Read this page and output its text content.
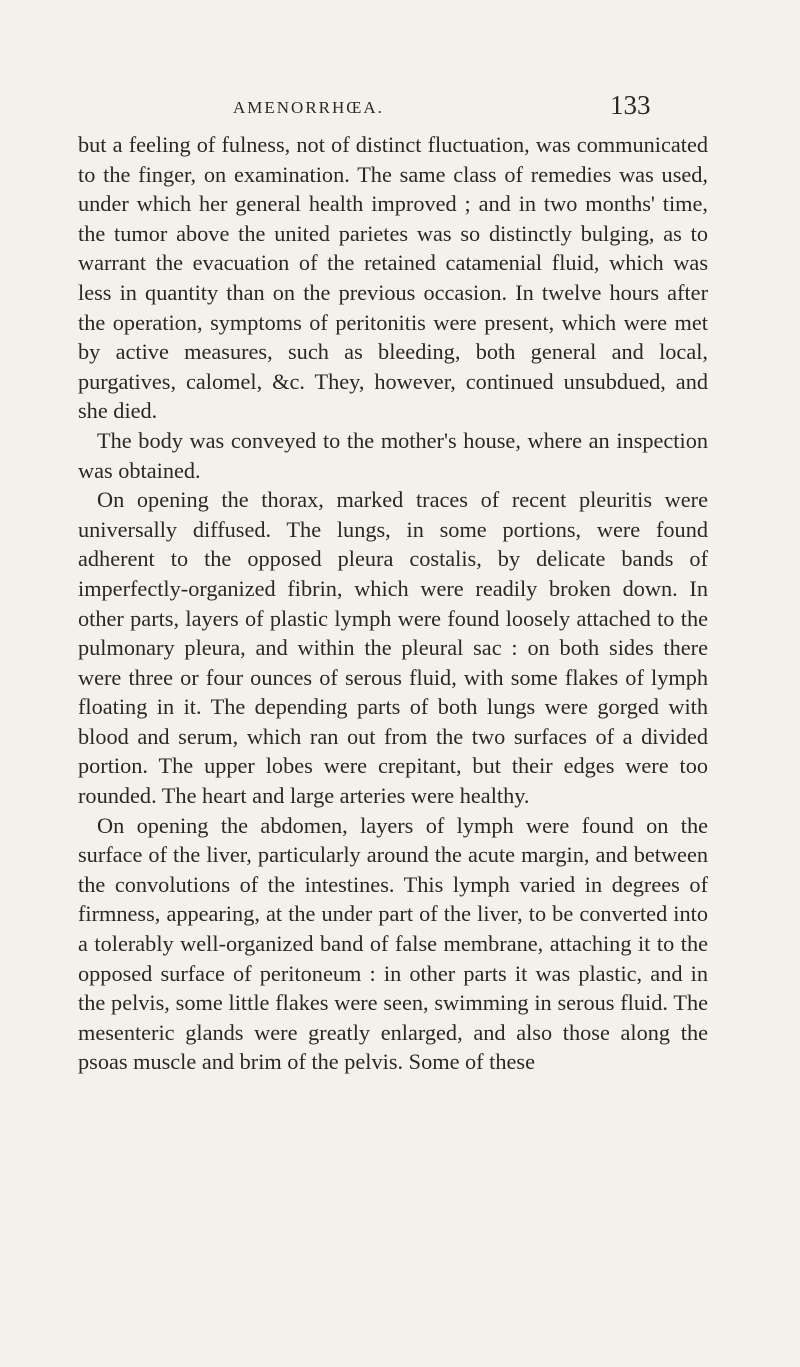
AMENORRHŒA.	133

but a feeling of fulness, not of distinct fluctuation, was communicated to the finger, on examination. The same class of remedies was used, under which her general health improved ; and in two months' time, the tumor above the united parietes was so distinctly bulging, as to warrant the evacuation of the retained catamenial fluid, which was less in quantity than on the previous occasion. In twelve hours after the operation, symptoms of peritonitis were present, which were met by active measures, such as bleeding, both general and local, purgatives, calomel, &c. They, however, continued unsubdued, and she died.

The body was conveyed to the mother's house, where an inspection was obtained.

On opening the thorax, marked traces of recent pleuritis were universally diffused. The lungs, in some portions, were found adherent to the opposed pleura costalis, by delicate bands of imperfectly-organized fibrin, which were readily broken down. In other parts, layers of plastic lymph were found loosely attached to the pulmonary pleura, and within the pleural sac : on both sides there were three or four ounces of serous fluid, with some flakes of lymph floating in it. The depending parts of both lungs were gorged with blood and serum, which ran out from the two surfaces of a divided portion. The upper lobes were crepitant, but their edges were too rounded. The heart and large arteries were healthy.

On opening the abdomen, layers of lymph were found on the surface of the liver, particularly around the acute margin, and between the convolutions of the intestines. This lymph varied in degrees of firmness, appearing, at the under part of the liver, to be converted into a tolerably well-organized band of false membrane, attaching it to the opposed surface of peritoneum : in other parts it was plastic, and in the pelvis, some little flakes were seen, swimming in serous fluid. The mesenteric glands were greatly enlarged, and also those along the psoas muscle and brim of the pelvis. Some of these
